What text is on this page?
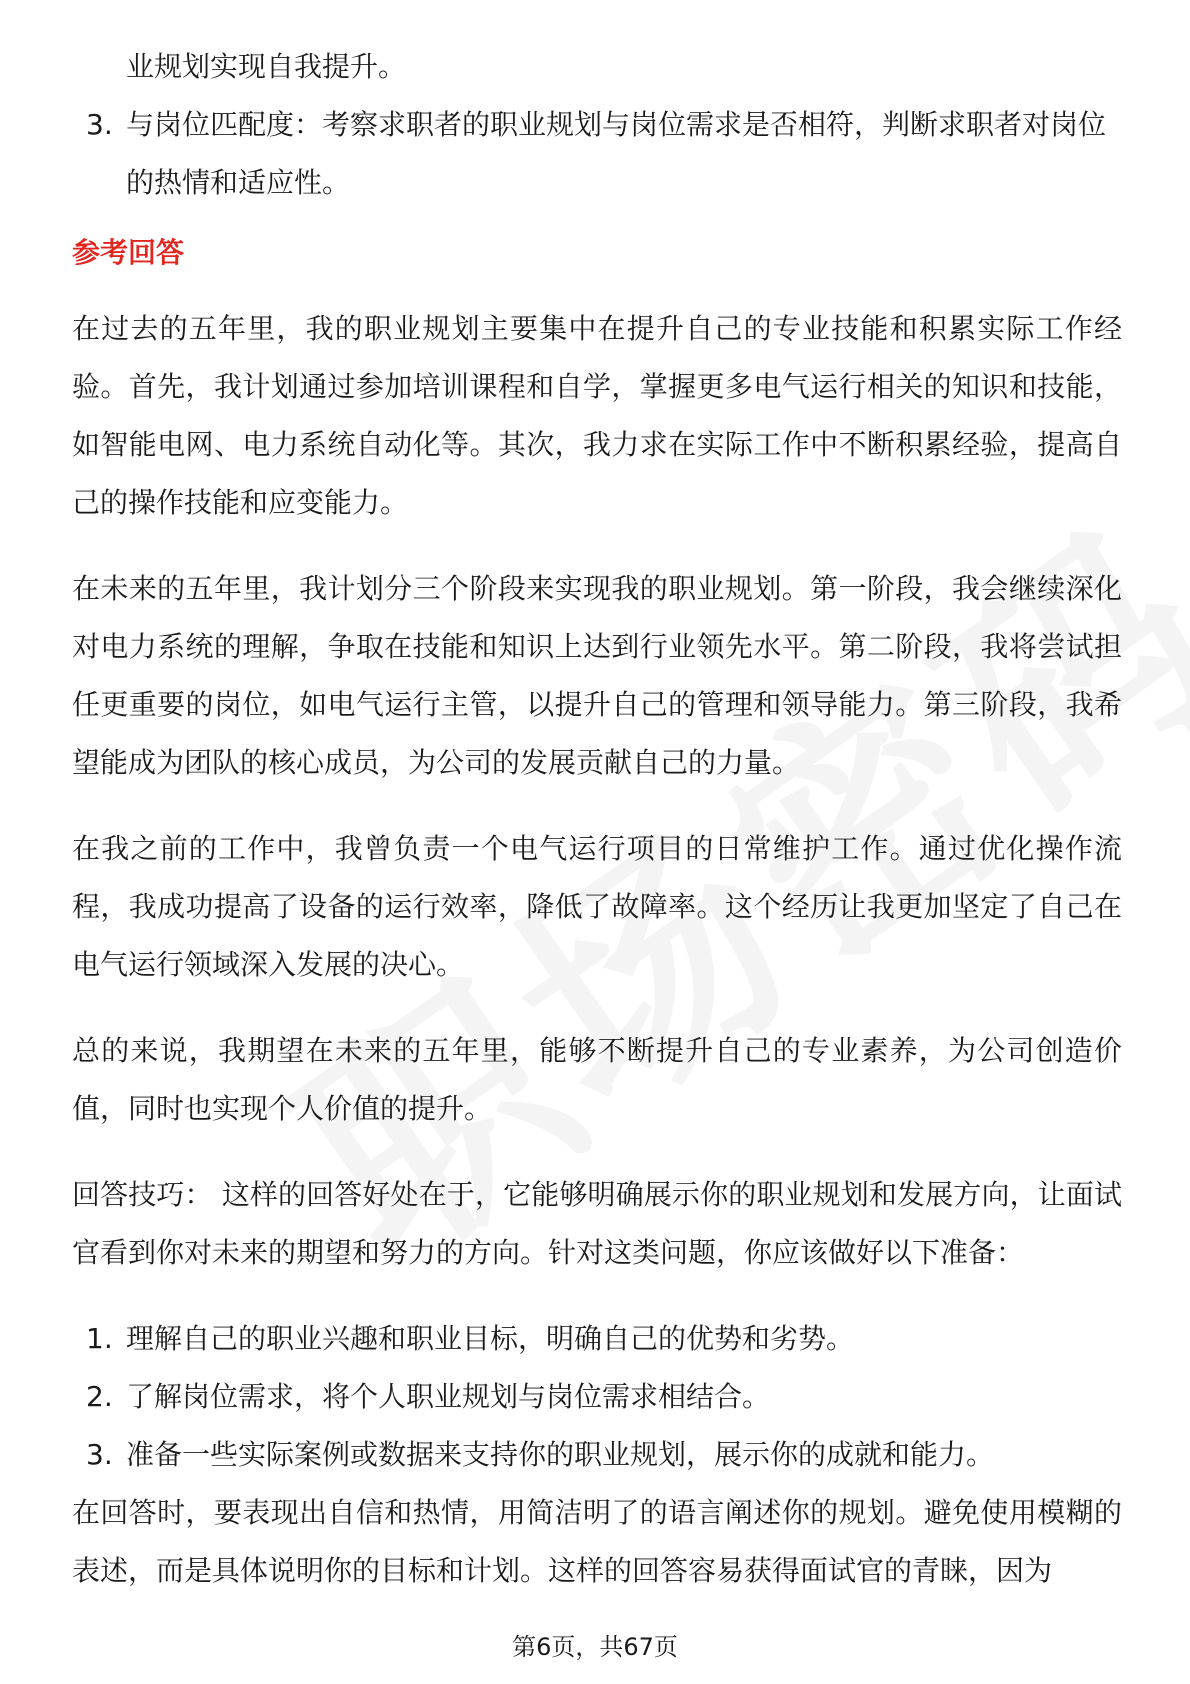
业规划实现自我提升。

3. 与岗位匹配度：考察求职者的职业规划与岗位需求是否相符，判断求职者对岗位的热情和适应性。
参考回答

在过去的五年里，我的职业规划主要集中在提升自己的专业技能和积累实际工作经验。首先，我计划通过参加培训课程和自学，掌握更多电气运行相关的知识和技能，如智能电网、电力系统自动化等。其次，我力求在实际工作中不断积累经验，提高自己的操作技能和应变能力。

在未来的五年里，我计划分三个阶段来实现我的职业规划。第一阶段，我会继续深化对电力系统的理解，争取在技能和知识上达到行业领先水平。第二阶段，我将尝试担任更重要的岗位，如电气运行主管，以提升自己的管理和领导能力。第三阶段，我希望能成为团队的核心成员，为公司的发展贡献自己的力量。

在我之前的工作中，我曾负责一个电气运行项目的日常维护工作。通过优化操作流程，我成功提高了设备的运行效率，降低了故障率。这个经历让我更加坚定了自己在电气运行领域深入发展的决心。

总的来说，我期望在未来的五年里，能够不断提升自己的专业素养，为公司创造价值，同时也实现个人价值的提升。

回答技巧： 这样的回答好处在于，它能够明确展示你的职业规划和发展方向，让面试官看到你对未来的期望和努力的方向。针对这类问题，你应该做好以下准备：

1. 理解自己的职业兴趣和职业目标，明确自己的优势和劣势。
2. 了解岗位需求，将个人职业规划与岗位需求相结合。
3. 准备一些实际案例或数据来支持你的职业规划，展示你的成就和能力。

在回答时，要表现出自信和热情，用简洁明了的语言阐述你的规划。避免使用模糊的表述，而是具体说明你的目标和计划。这样的回答容易获得面试官的青睐，因为

第6页，共67页
